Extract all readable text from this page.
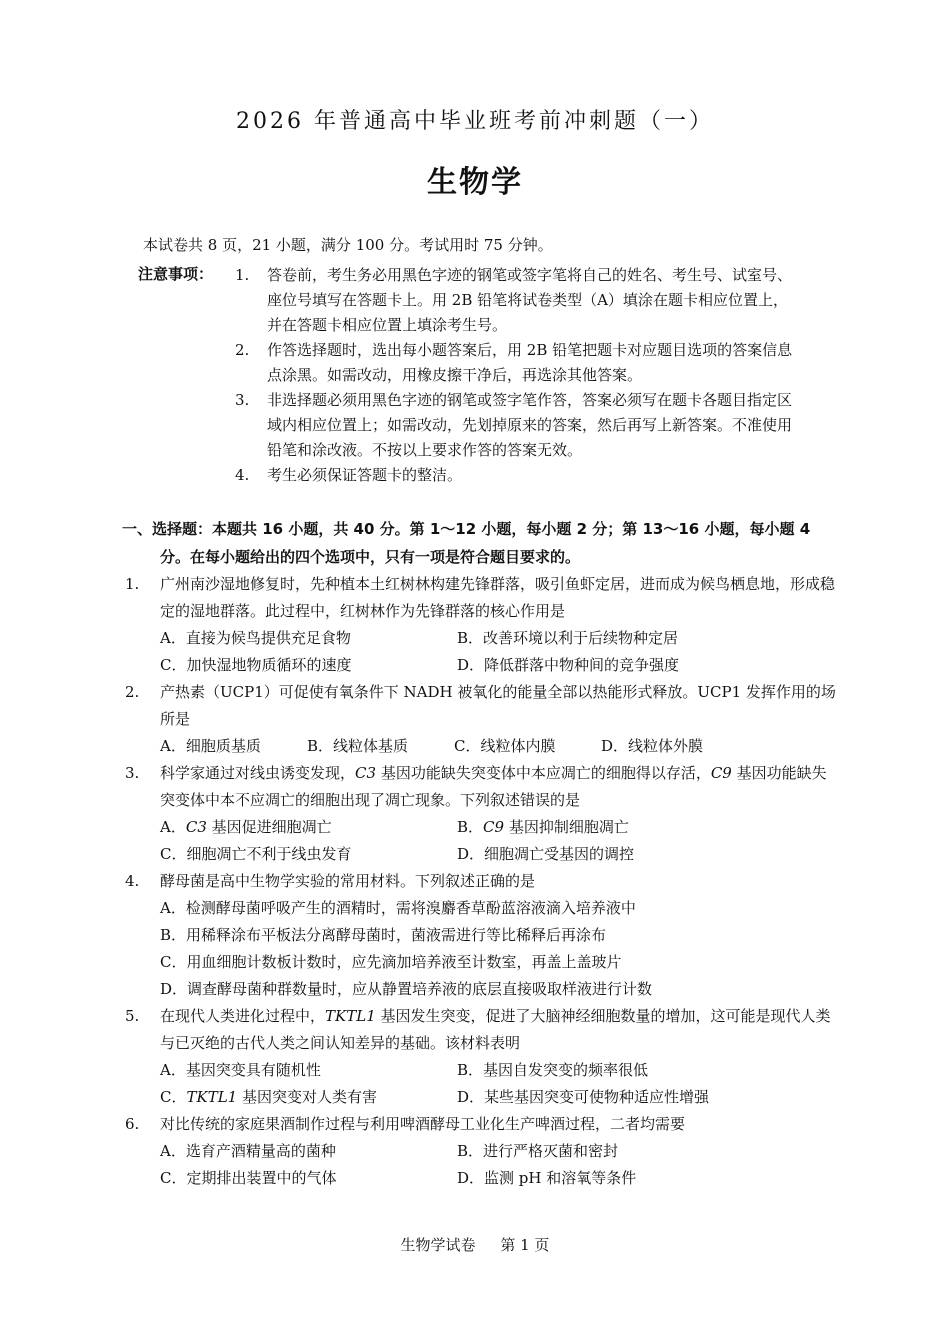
2026 年普通高中毕业班考前冲刺题（一）
生物学
本试卷共 8 页，21 小题，满分 100 分。考试用时 75 分钟。
注意事项： 1.	答卷前，考生务必用黑色字迹的钢笔或签字笔将自己的姓名、考生号、试室号、座位号填写在答题卡上。用 2B 铅笔将试卷类型（A）填涂在题卡相应位置上，并在答题卡相应位置上填涂考生号。
2.	作答选择题时，选出每小题答案后，用 2B 铅笔把题卡对应题目选项的答案信息点涂黑。如需改动，用橡皮擦干净后，再选涂其他答案。
3.	非选择题必须用黑色字迹的钢笔或签字笔作答，答案必须写在题卡各题目指定区域内相应位置上；如需改动，先划掉原来的答案，然后再写上新答案。不准使用铅笔和涂改液。不按以上要求作答的答案无效。
4.	考生必须保证答题卡的整洁。
一、选择题：本题共 16 小题，共 40 分。第 1～12 小题，每小题 2 分；第 13～16 小题，每小题 4
分。在每小题给出的四个选项中，只有一项是符合题目要求的。
1.	广州南沙湿地修复时，先种植本土红树林构建先锋群落，吸引鱼虾定居，进而成为候鸟栖息地，形成稳定的湿地群落。此过程中，红树林作为先锋群落的核心作用是
A．直接为候鸟提供充足食物	B．改善环境以利于后续物种定居
C．加快湿地物质循环的速度	D．降低群落中物种间的竞争强度
2.	产热素（UCP1）可促使有氧条件下 NADH 被氧化的能量全部以热能形式释放。UCP1 发挥作用的场所是
A．细胞质基质	B．线粒体基质	C．线粒体内膜	D．线粒体外膜
3.	科学家通过对线虫诱变发现，C3 基因功能缺失突变体中本应凋亡的细胞得以存活，C9 基因功能缺失突变体中本不应凋亡的细胞出现了凋亡现象。下列叙述错误的是
A．C3 基因促进细胞凋亡	B．C9 基因抑制细胞凋亡
C．细胞凋亡不利于线虫发育	D．细胞凋亡受基因的调控
4.	酵母菌是高中生物学实验的常用材料。下列叙述正确的是
A．检测酵母菌呼吸产生的酒精时，需将溴麝香草酚蓝溶液滴入培养液中
B．用稀释涂布平板法分离酵母菌时，菌液需进行等比稀释后再涂布
C．用血细胞计数板计数时，应先滴加培养液至计数室，再盖上盖玻片
D．调查酵母菌种群数量时，应从静置培养液的底层直接吸取样液进行计数
5.	在现代人类进化过程中，TKTL1 基因发生突变，促进了大脑神经细胞数量的增加，这可能是现代人类与已灭绝的古代人类之间认知差异的基础。该材料表明
A．基因突变具有随机性	B．基因自发突变的频率很低
C．TKTL1 基因突变对人类有害	D．某些基因突变可使物种适应性增强
6.	对比传统的家庭果酒制作过程与利用啤酒酵母工业化生产啤酒过程，二者均需要
A．选育产酒精量高的菌种	B．进行严格灭菌和密封
C．定期排出装置中的气体	D．监测 pH 和溶氧等条件
生物学试卷 第 1 页
